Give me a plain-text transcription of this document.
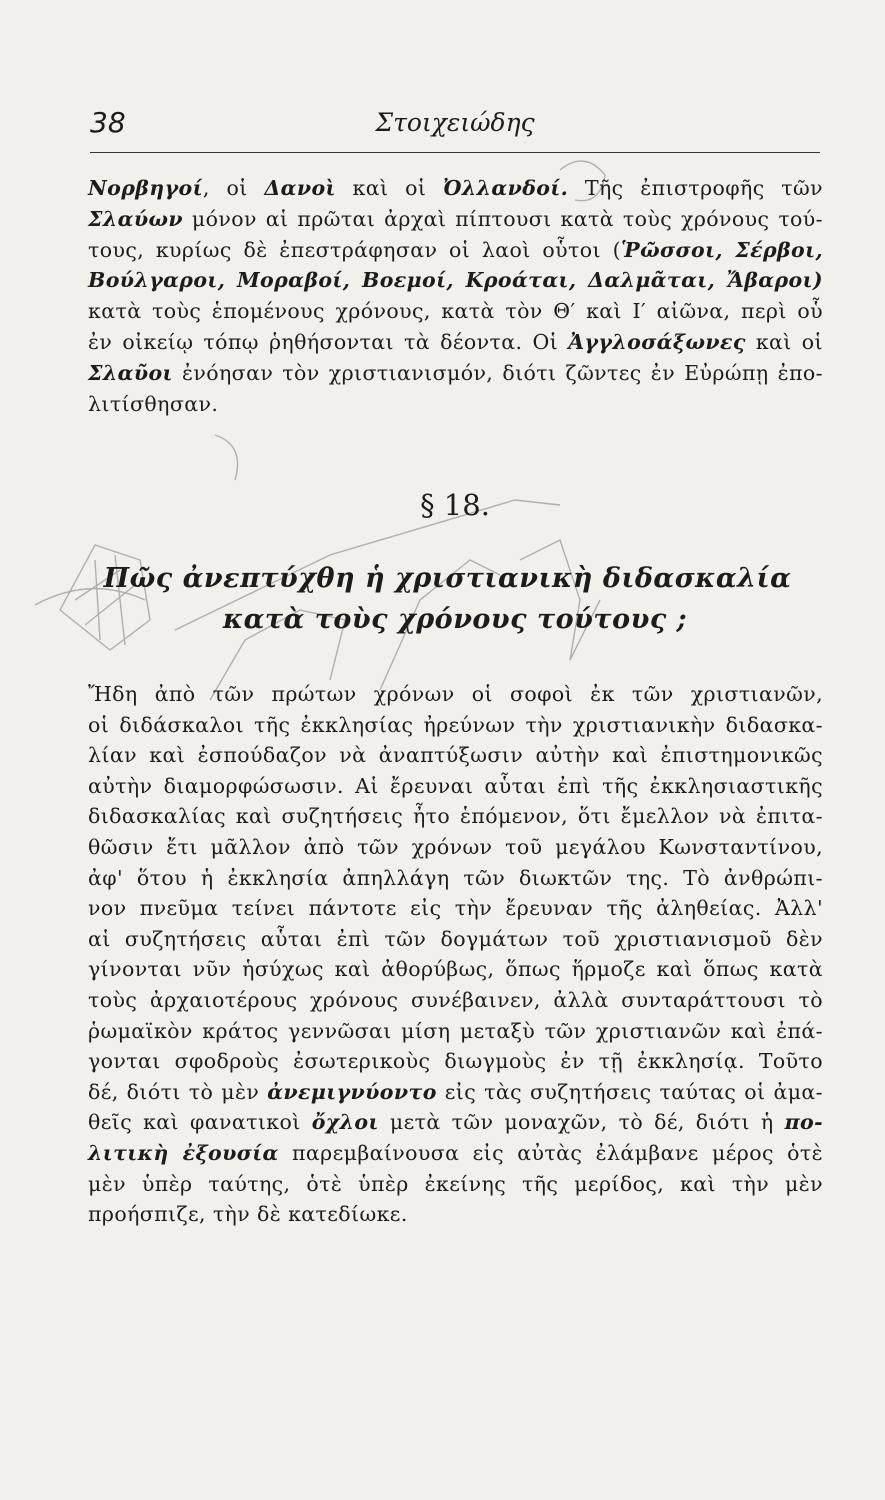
38	Στοιχειώδης
Νορβηγοί, οἱ Δανοὶ καὶ οἱ Ὀλλανδοί. Τῆς ἐπιστροφῆς τῶν
Σλαύων μόνον αἱ πρῶται ἀρχαὶ πίπτουσι κατὰ τοὺς χρόνους τού-
τους, κυρίως δὲ ἐπεστράφησαν οἱ λαοὶ οὗτοι (Ῥῶσσοι, Σέρβοι,
Βούλγαροι, Μοραβοί, Βοεμοί, Κροάται, Δαλμᾶται, Ἄβαροι)
κατὰ τοὺς ἑπομένους χρόνους, κατὰ τὸν Θ′ καὶ Ι′ αἰῶνα, περὶ οὗ
ἐν οἰκείῳ τόπῳ ῥηθήσονται τὰ δέοντα. Οἱ Ἀγγλοσάξωνες καὶ οἱ
Σλαῦοι ἐνόησαν τὸν χριστιανισμόν, διότι ζῶντες ἐν Εὐρώπῃ ἐπο-
λιτίσθησαν.
§ 18.
Πῶς ἀνεπτύχθη ἡ χριστιανικὴ διδασκαλία
κατὰ τοὺς χρόνους τούτους ;
Ἤδη ἀπὸ τῶν πρώτων χρόνων οἱ σοφοὶ ἐκ τῶν χριστιανῶν,
οἱ διδάσκαλοι τῆς ἐκκλησίας ἠρεύνων τὴν χριστιανικὴν διδασκα-
λίαν καὶ ἐσπούδαζον νὰ ἀναπτύξωσιν αὐτὴν καὶ ἐπιστημονικῶς
αὐτὴν διαμορφώσωσιν. Αἱ ἔρευναι αὗται ἐπὶ τῆς ἐκκλησιαστικῆς
διδασκαλίας καὶ συζητήσεις ἦτο ἑπόμενον, ὅτι ἔμελλον νὰ ἐπιτα-
θῶσιν ἔτι μᾶλλον ἀπὸ τῶν χρόνων τοῦ μεγάλου Κωνσταντίνου,
ἀφ' ὅτου ἡ ἐκκλησία ἀπηλλάγη τῶν διωκτῶν της. Τὸ ἀνθρώπι-
νον πνεῦμα τείνει πάντοτε εἰς τὴν ἔρευναν τῆς ἀληθείας. Ἀλλ'
αἱ συζητήσεις αὗται ἐπὶ τῶν δογμάτων τοῦ χριστιανισμοῦ δὲν
γίνονται νῦν ἡσύχως καὶ ἀθορύβως, ὅπως ἥρμοζε καὶ ὅπως κατὰ
τοὺς ἀρχαιοτέρους χρόνους συνέβαινεν, ἀλλὰ συνταράττουσι τὸ
ῥωμαϊκὸν κράτος γεννῶσαι μίση μεταξὺ τῶν χριστιανῶν καὶ ἐπά-
γονται σφοδροὺς ἐσωτερικοὺς διωγμοὺς ἐν τῇ ἐκκλησίᾳ. Τοῦτο
δέ, διότι τὸ μὲν ἀνεμιγνύοντο εἰς τὰς συζητήσεις ταύτας οἱ ἀμα-
θεῖς καὶ φανατικοὶ ὄχλοι μετὰ τῶν μοναχῶν, τὸ δέ, διότι ἡ πο-
λιτικὴ ἐξουσία παρεμβαίνουσα εἰς αὐτὰς ἐλάμβανε μέρος ὁτὲ
μὲν ὑπὲρ ταύτης, ὁτὲ ὑπὲρ ἐκείνης τῆς μερίδος, καὶ τὴν μὲν
προήσπιζε, τὴν δὲ κατεδίωκε.
